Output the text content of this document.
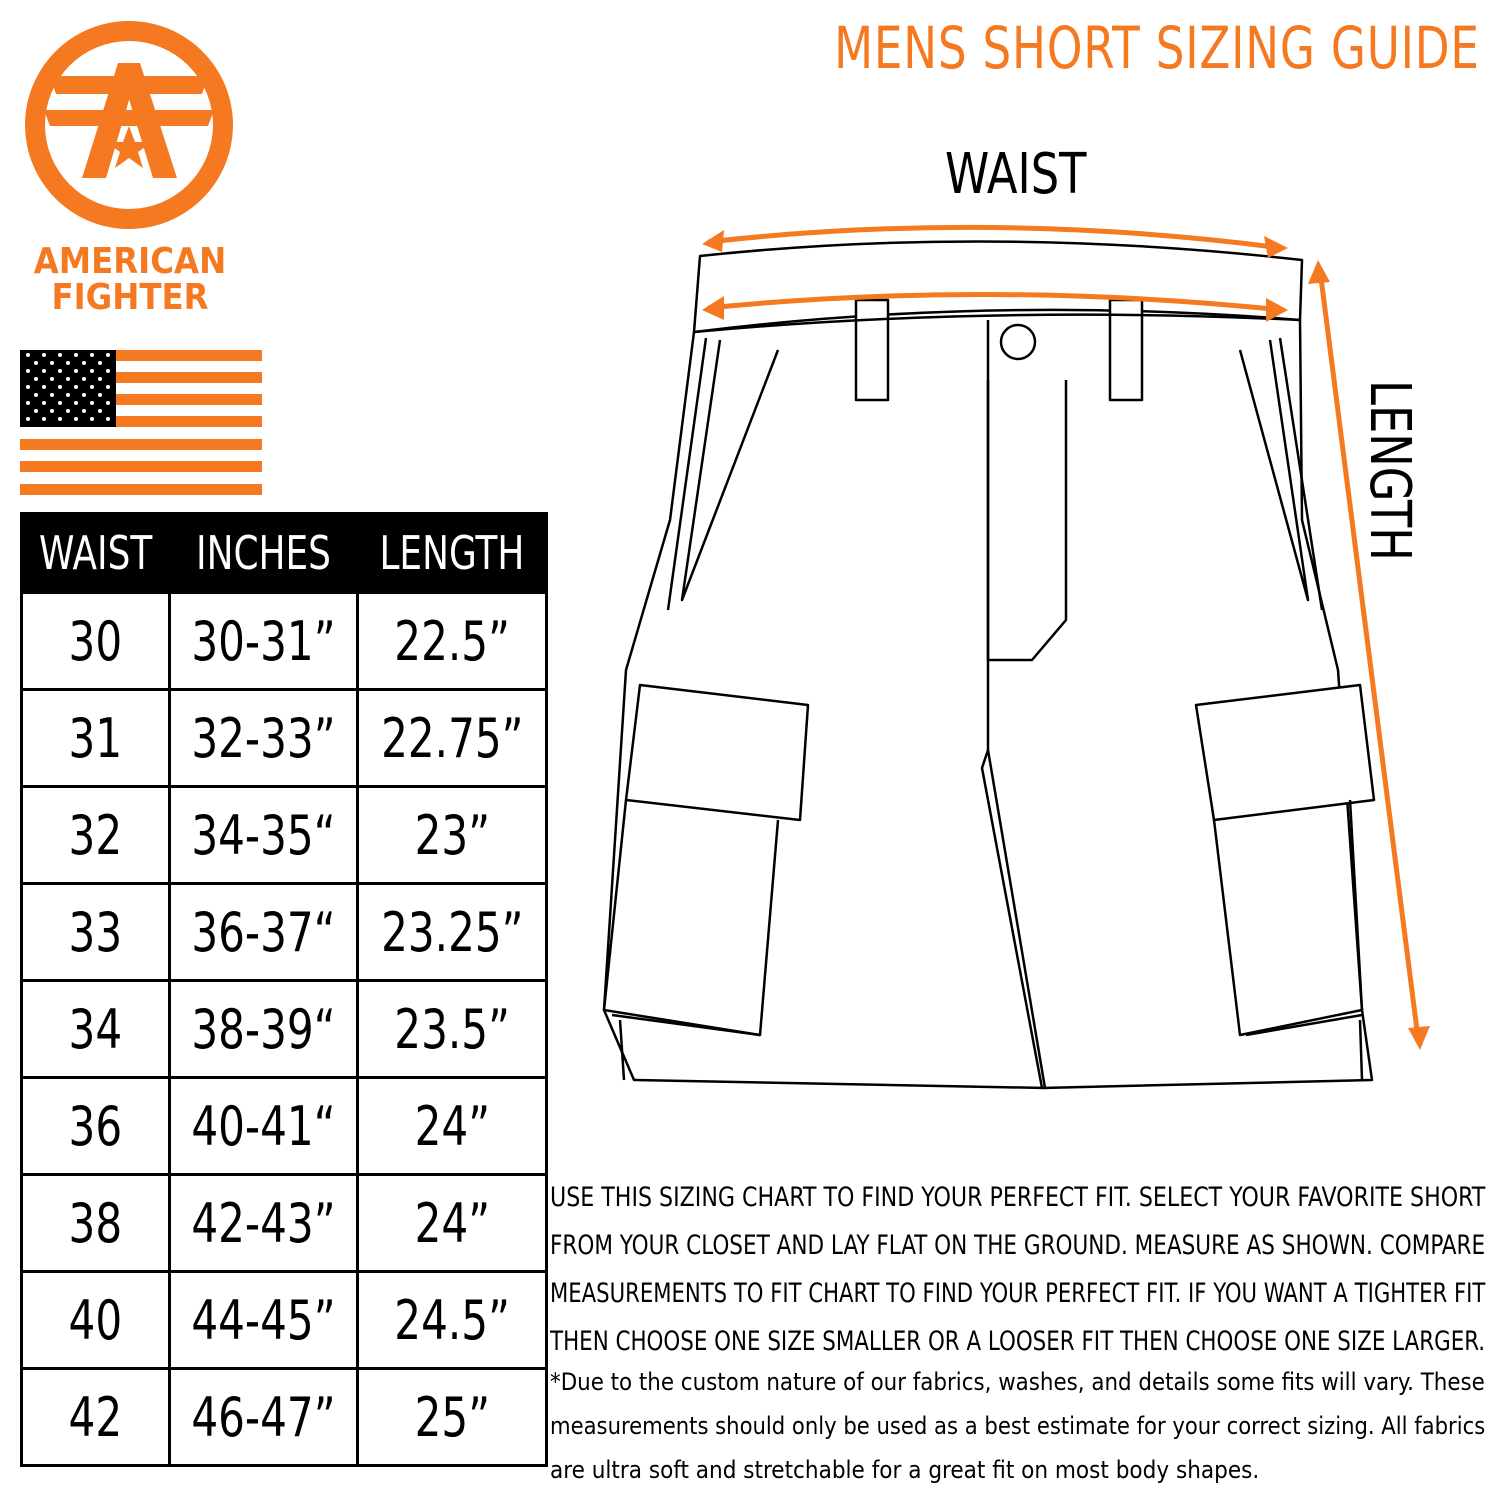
MENS SHORT SIZING GUIDE
AMERICAN
FIGHTER
WAIST	INCHES	LENGTH
30	30-31”	22.5”
31	32-33”	22.75”
32	34-35“	23”
33	36-37“	23.25”
34	38-39“	23.5”
36	40-41“	24”
38	42-43”	24”
40	44-45”	24.5”
42	46-47”	25”
WAIST
LENGTH
USE THIS SIZING CHART TO FIND YOUR PERFECT FIT. SELECT YOUR FAVORITE SHORT
FROM YOUR CLOSET AND LAY FLAT ON THE GROUND. MEASURE AS SHOWN. COMPARE
MEASUREMENTS TO FIT CHART TO FIND YOUR PERFECT FIT. IF YOU WANT A TIGHTER FIT
THEN CHOOSE ONE SIZE SMALLER OR A LOOSER FIT THEN CHOOSE ONE SIZE LARGER.
*Due to the custom nature of our fabrics, washes, and details some fits will vary. These
measurements should only be used as a best estimate for your correct sizing. All fabrics
are ultra soft and stretchable for a great fit on most body shapes.
